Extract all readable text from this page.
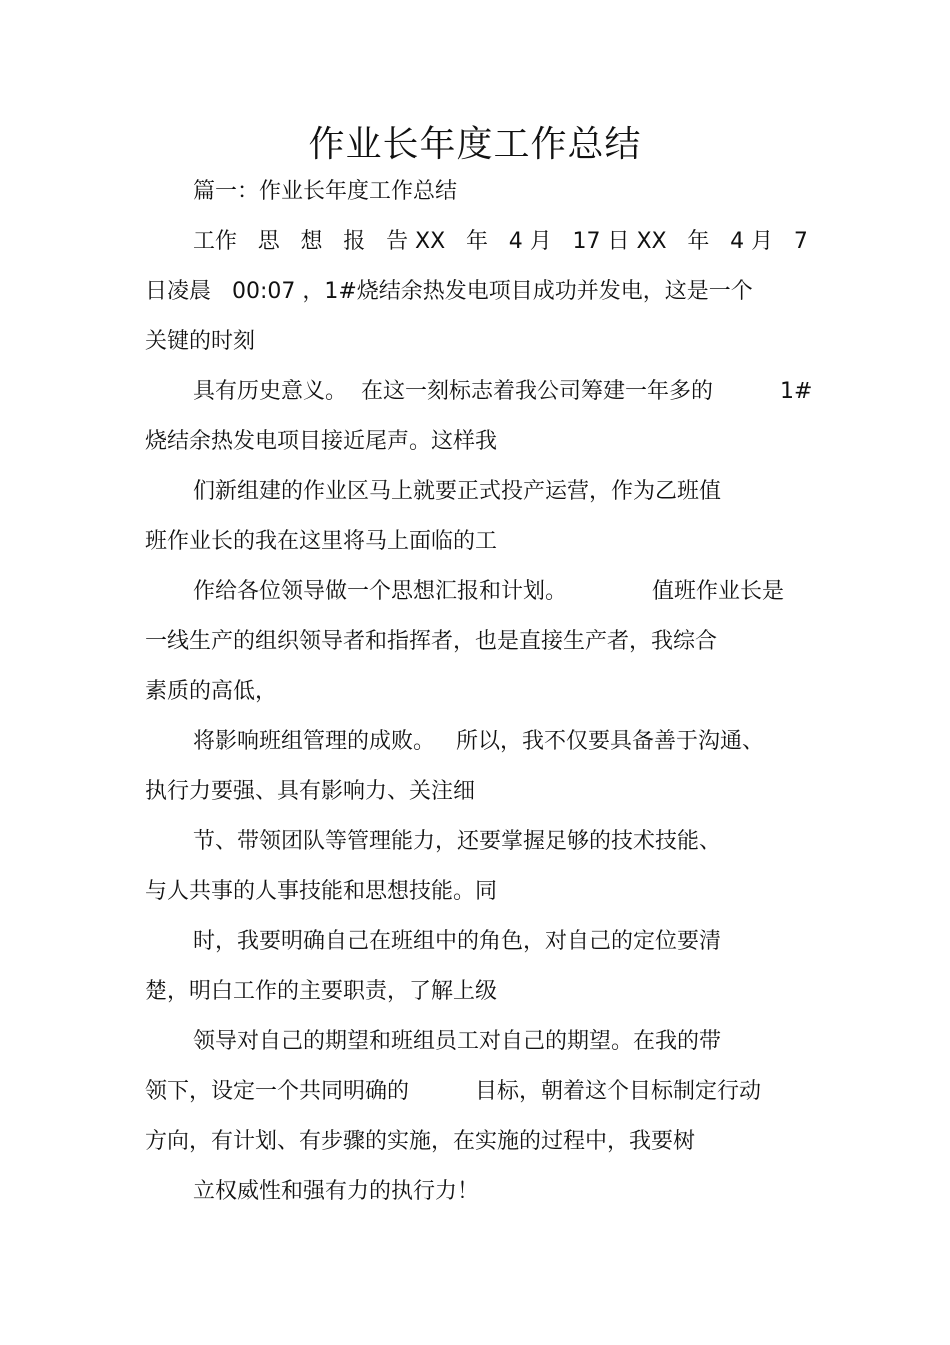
作业长年度工作总结
篇一：作业长年度工作总结
工作 思 想 报 告 XX 年 4 月 17 日 XX 年 4 月 7
日凌晨   00:07 ，1#烧结余热发电项目成功并发电，这是一个
关键的时刻
具有历史意义。  在这一刻标志着我公司筹建一年多的	1#
烧结余热发电项目接近尾声。这样我
们新组建的作业区马上就要正式投产运营，作为乙班值
班作业长的我在这里将马上面临的工
作给各位领导做一个思想汇报和计划。	值班作业长是
一线生产的组织领导者和指挥者，也是直接生产者，我综合
素质的高低，
将影响班组管理的成败。   所以，我不仅要具备善于沟通、
执行力要强、具有影响力、关注细
节、带领团队等管理能力，还要掌握足够的技术技能、
与人共事的人事技能和思想技能。同
时，我要明确自己在班组中的角色，对自己的定位要清
楚，明白工作的主要职责，了解上级
领导对自己的期望和班组员工对自己的期望。在我的带
领下，设定一个共同明确的	目标，朝着这个目标制定行动
方向，有计划、有步骤的实施，在实施的过程中，我要树
立权威性和强有力的执行力！
